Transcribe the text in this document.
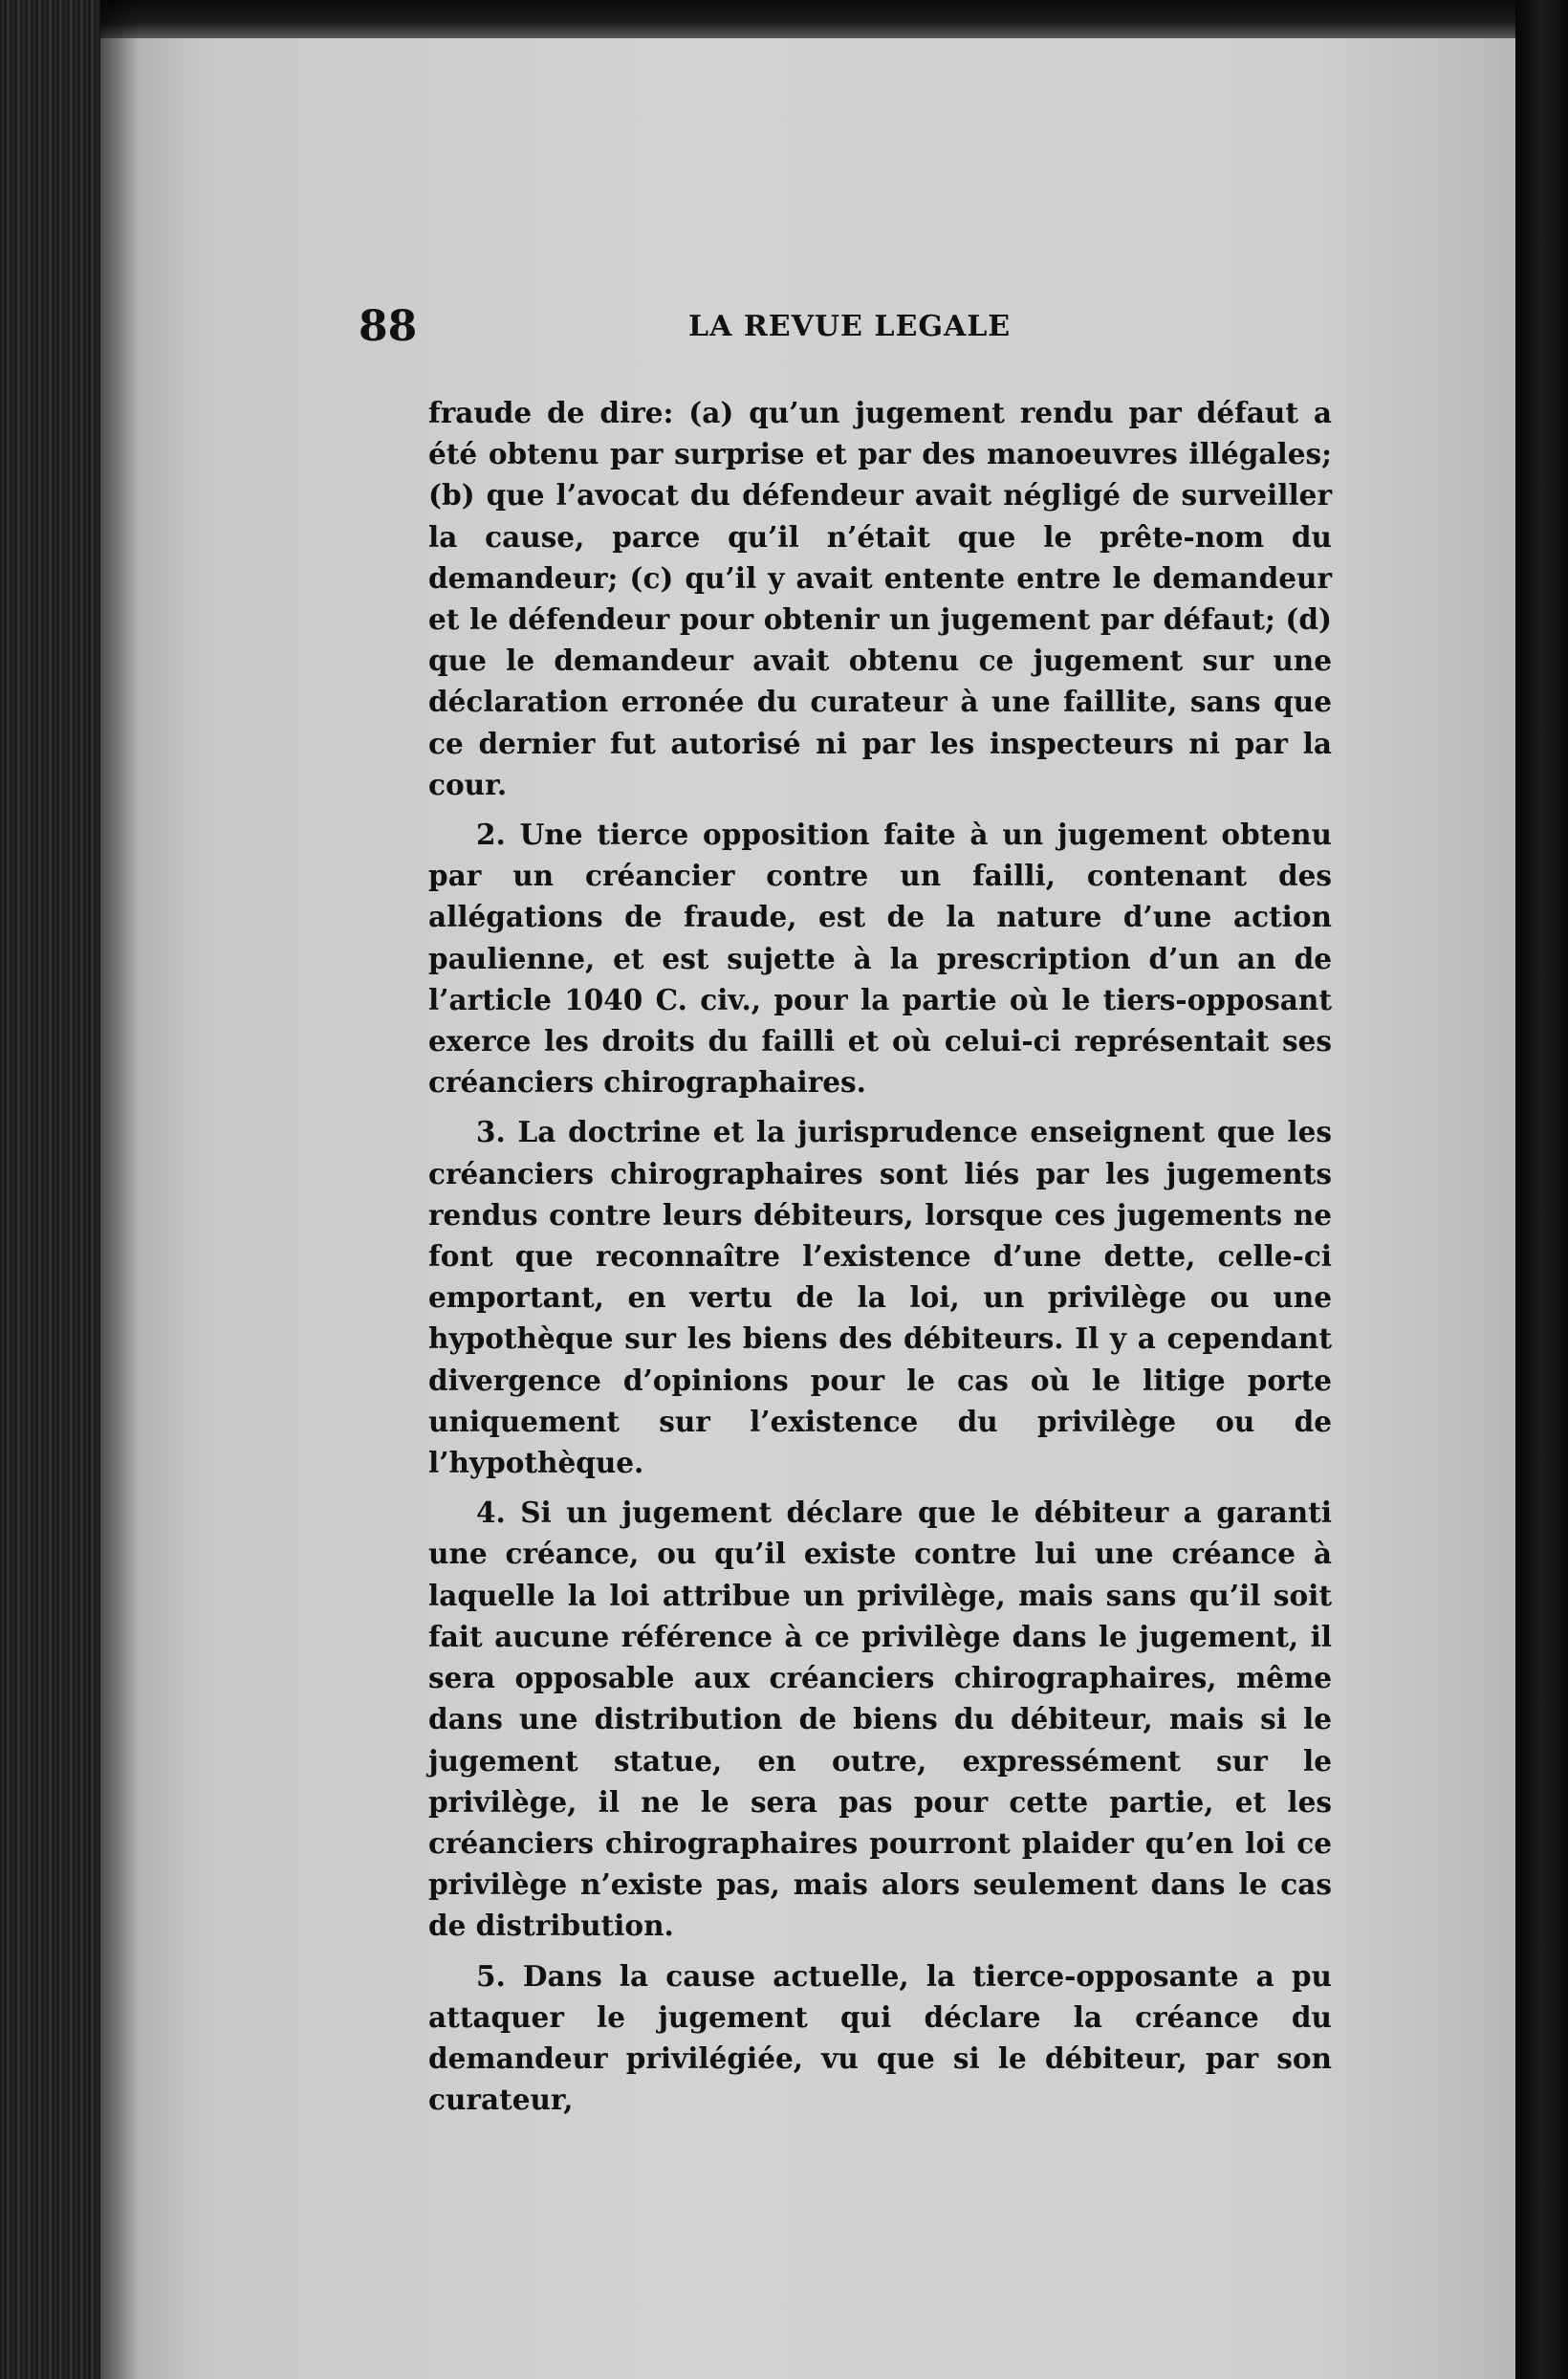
88	LA REVUE LEGALE

fraude de dire: (a) qu’un jugement rendu par défaut a été obtenu par surprise et par des manoeuvres illégales; (b) que l’avocat du défendeur avait négligé de surveiller la cause, parce qu’il n’était que le prête-nom du demandeur; (c) qu’il y avait entente entre le demandeur et le défendeur pour obtenir un jugement par défaut; (d) que le demandeur avait obtenu ce jugement sur une déclaration erronée du curateur à une faillite, sans que ce dernier fut autorisé ni par les inspecteurs ni par la cour.

2. Une tierce opposition faite à un jugement obtenu par un créancier contre un failli, contenant des allégations de fraude, est de la nature d’une action paulienne, et est sujette à la prescription d’un an de l’article 1040 C. civ., pour la partie où le tiers-opposant exerce les droits du failli et où celui-ci représentait ses créanciers chirographaires.

3. La doctrine et la jurisprudence enseignent que les créanciers chirographaires sont liés par les jugements rendus contre leurs débiteurs, lorsque ces jugements ne font que reconnaître l’existence d’une dette, celle-ci emportant, en vertu de la loi, un privilège ou une hypothèque sur les biens des débiteurs. Il y a cependant divergence d’opinions pour le cas où le litige porte uniquement sur l’existence du privilège ou de l’hypothèque.

4. Si un jugement déclare que le débiteur a garanti une créance, ou qu’il existe contre lui une créance à laquelle la loi attribue un privilège, mais sans qu’il soit fait aucune référence à ce privilège dans le jugement, il sera opposable aux créanciers chirographaires, même dans une distribution de biens du débiteur, mais si le jugement statue, en outre, expressément sur le privilège, il ne le sera pas pour cette partie, et les créanciers chirographaires pourront plaider qu’en loi ce privilège n’existe pas, mais alors seulement dans le cas de distribution.

5. Dans la cause actuelle, la tierce-opposante a pu attaquer le jugement qui déclare la créance du demandeur privilégiée, vu que si le débiteur, par son curateur,
